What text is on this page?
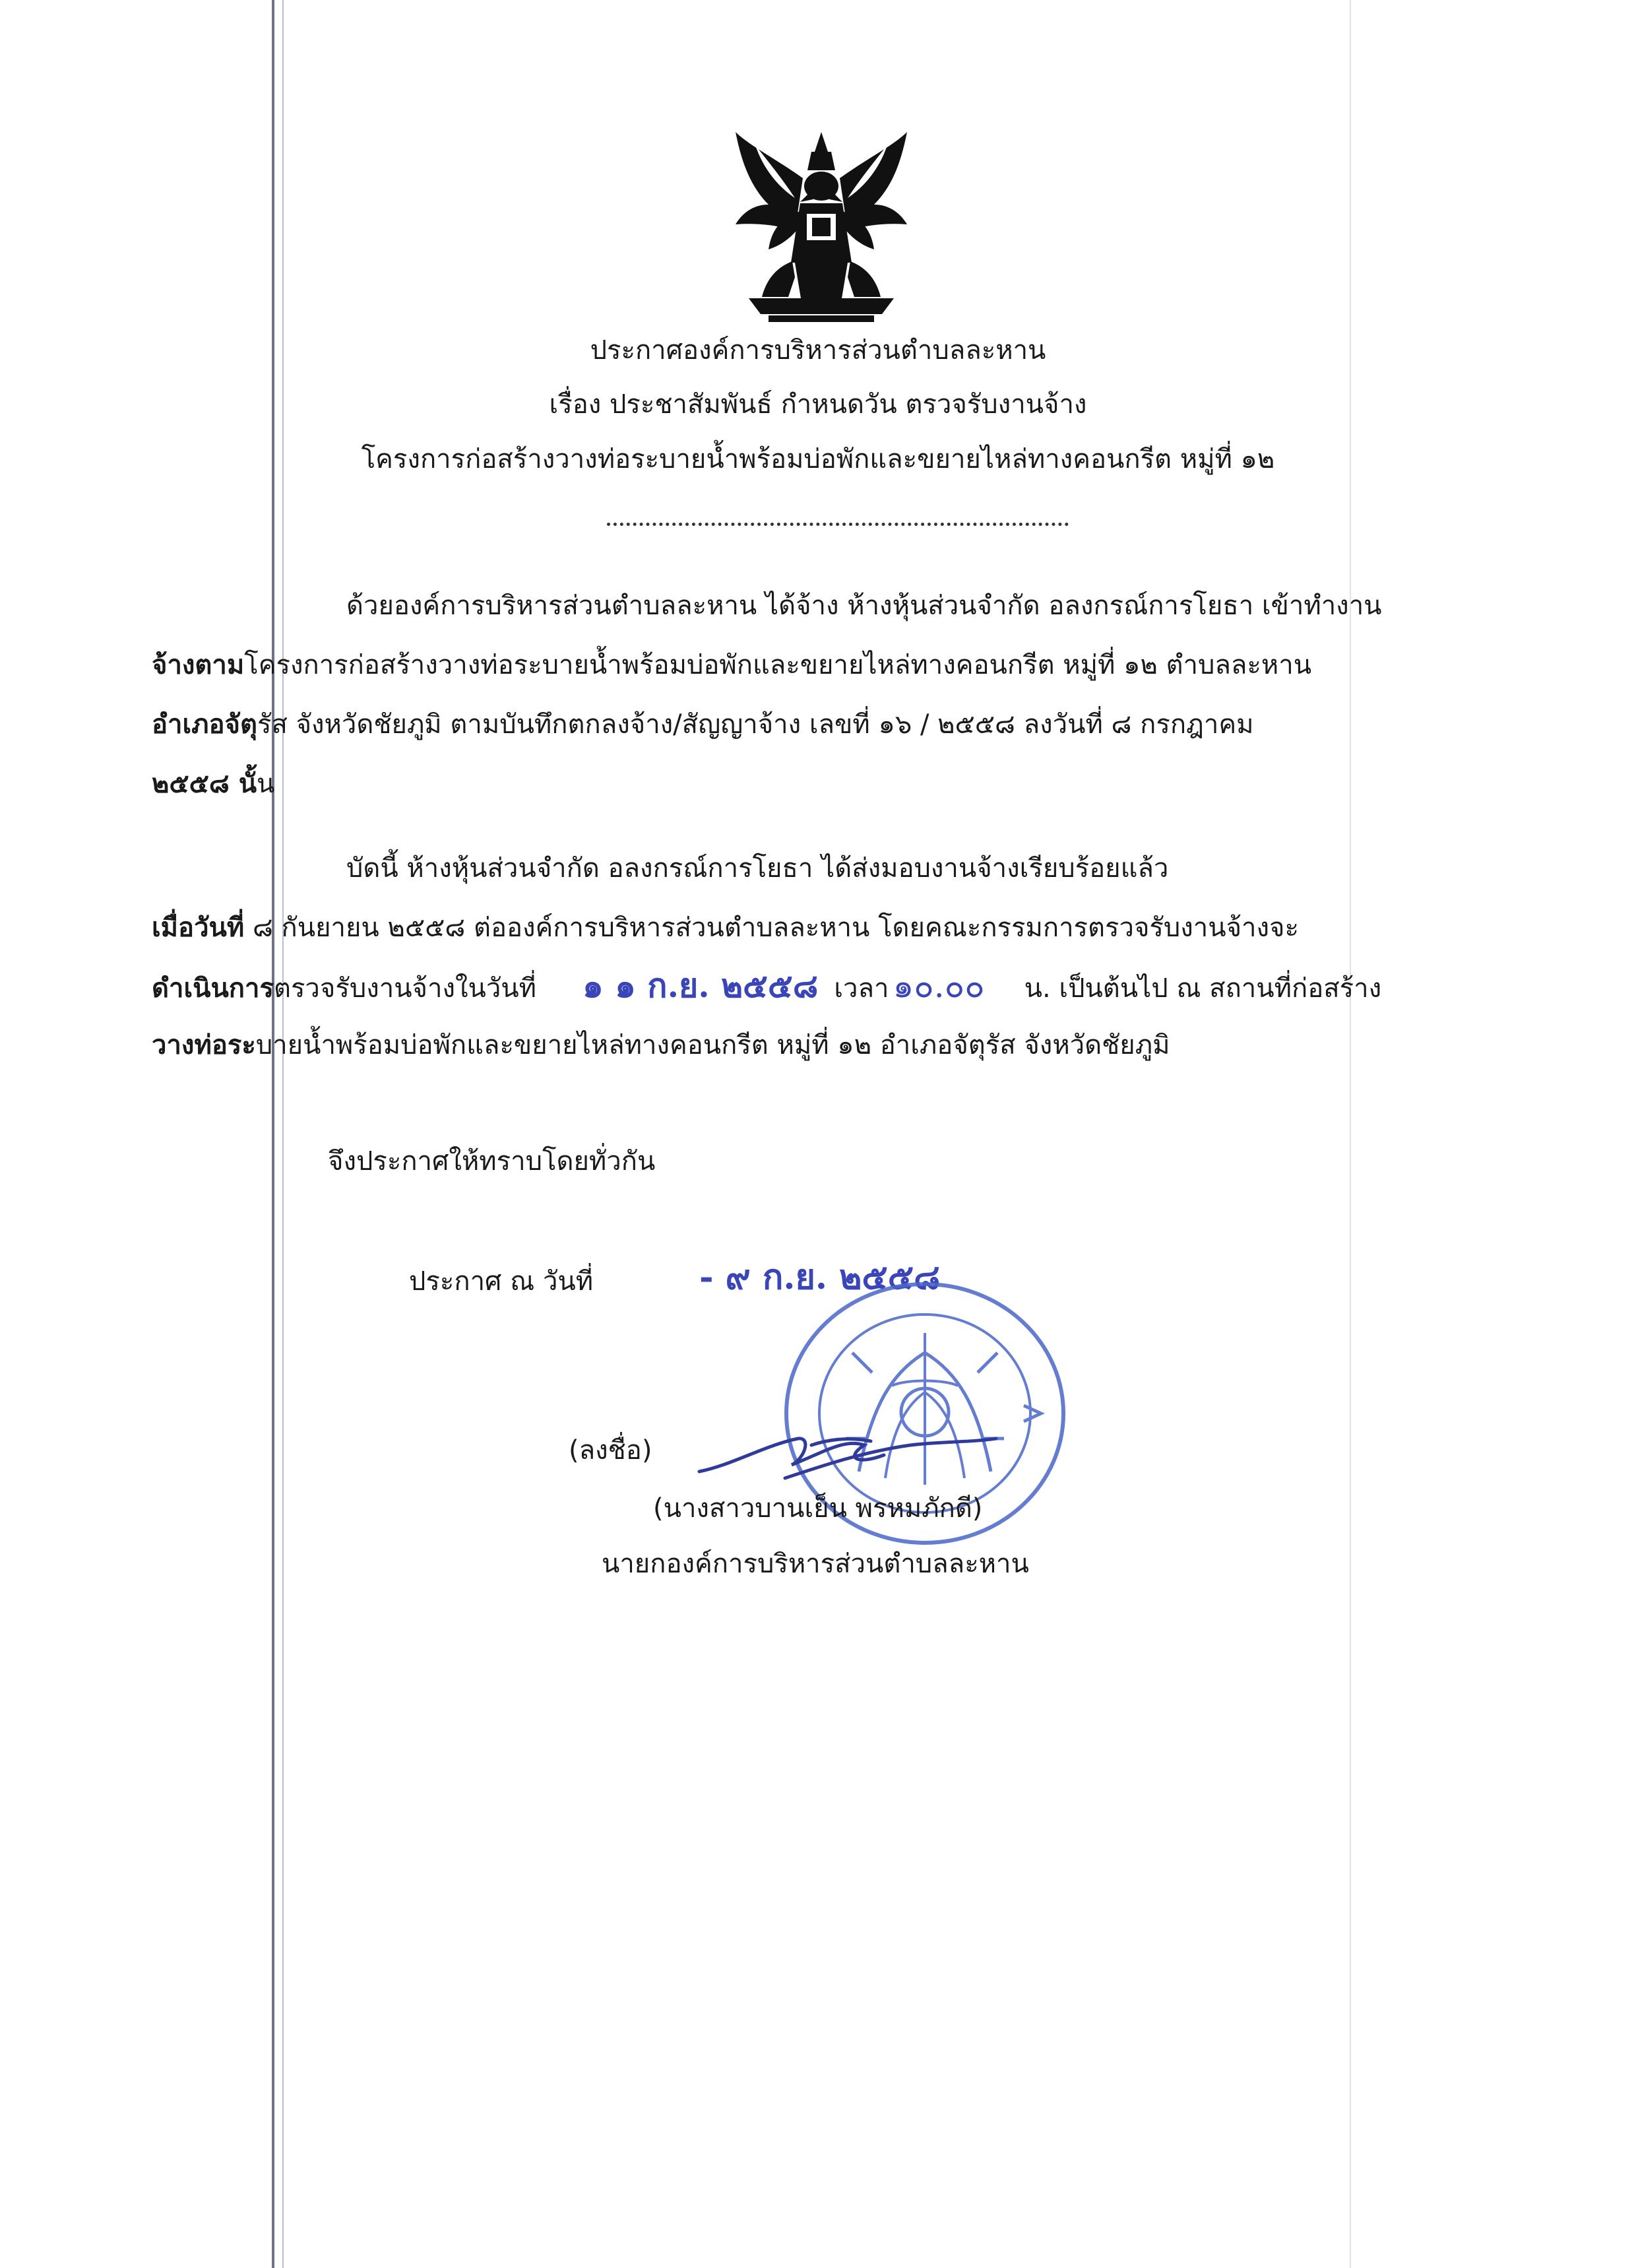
ประกาศองค์การบริหารส่วนตำบลละหาน
เรื่อง ประชาสัมพันธ์ กำหนดวัน ตรวจรับงานจ้าง
โครงการก่อสร้างวางท่อระบายน้ำพร้อมบ่อพักและขยายไหล่ทางคอนกรีต หมู่ที่ ๑๒
ด้วยองค์การบริหารส่วนตำบลละหาน ได้จ้าง ห้างหุ้นส่วนจำกัด อลงกรณ์การโยธา เข้าทำงาน
จ้างตามโครงการก่อสร้างวางท่อระบายน้ำพร้อมบ่อพักและขยายไหล่ทางคอนกรีต หมู่ที่ ๑๒ ตำบลละหาน
อำเภอจัตุรัส จังหวัดชัยภูมิ ตามบันทึกตกลงจ้าง/สัญญาจ้าง เลขที่ ๑๖ / ๒๕๕๘ ลงวันที่ ๘ กรกฎาคม
๒๕๕๘ นั้น
บัดนี้ ห้างหุ้นส่วนจำกัด อลงกรณ์การโยธา ได้ส่งมอบงานจ้างเรียบร้อยแล้ว
เมื่อวันที่ ๘ กันยายน ๒๕๕๘ ต่อองค์การบริหารส่วนตำบลละหาน โดยคณะกรรมการตรวจรับงานจ้างจะ
ดำเนินการตรวจรับงานจ้างในวันที่ ๑ ๑ ก.ย. ๒๕๕๘ เวลา ๑๐.๐๐ น. เป็นต้นไป ณ สถานที่ก่อสร้าง
วางท่อระบายน้ำพร้อมบ่อพักและขยายไหล่ทางคอนกรีต หมู่ที่ ๑๒ อำเภอจัตุรัส จังหวัดชัยภูมิ
จึงประกาศให้ทราบโดยทั่วกัน
ประกาศ ณ วันที่	- ๙ ก.ย. ๒๕๕๘
(ลงชื่อ)
(นางสาวบานเย็น พรหมภักดี)
นายกองค์การบริหารส่วนตำบลละหาน
